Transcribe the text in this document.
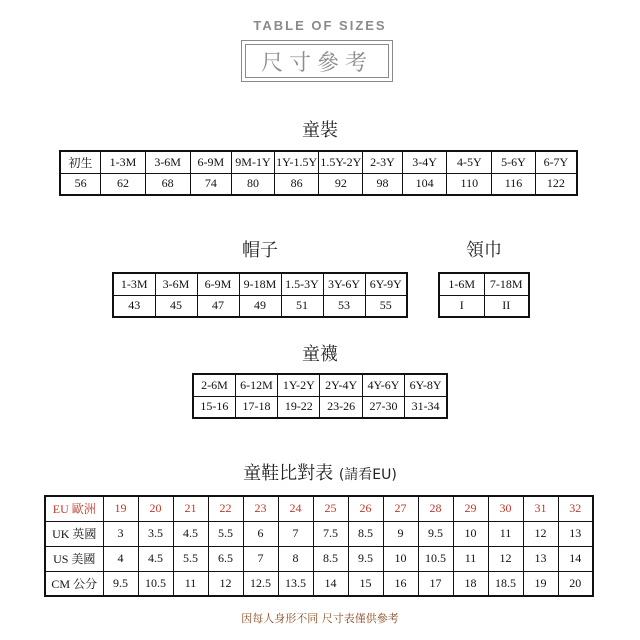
TABLE OF SIZES
尺寸參考
童裝
初生	1-3M	3-6M	6-9M	9M-1Y	1Y-1.5Y	1.5Y-2Y	2-3Y	3-4Y	4-5Y	5-6Y	6-7Y
56	62	68	74	80	86	92	98	104	110	116	122
帽子
1-3M	3-6M	6-9M	9-18M	1.5-3Y	3Y-6Y	6Y-9Y
43	45	47	49	51	53	55
領巾
1-6M	7-18M
I	II
童襪
2-6M	6-12M	1Y-2Y	2Y-4Y	4Y-6Y	6Y-8Y
15-16	17-18	19-22	23-26	27-30	31-34
童鞋比對表 (請看EU)
EU 歐洲	19	20	21	22	23	24	25	26	27	28	29	30	31	32
UK 英國	3	3.5	4.5	5.5	6	7	7.5	8.5	9	9.5	10	11	12	13
US 美國	4	4.5	5.5	6.5	7	8	8.5	9.5	10	10.5	11	12	13	14
CM 公分	9.5	10.5	11	12	12.5	13.5	14	15	16	17	18	18.5	19	20
因每人身形不同 尺寸表僅供參考
